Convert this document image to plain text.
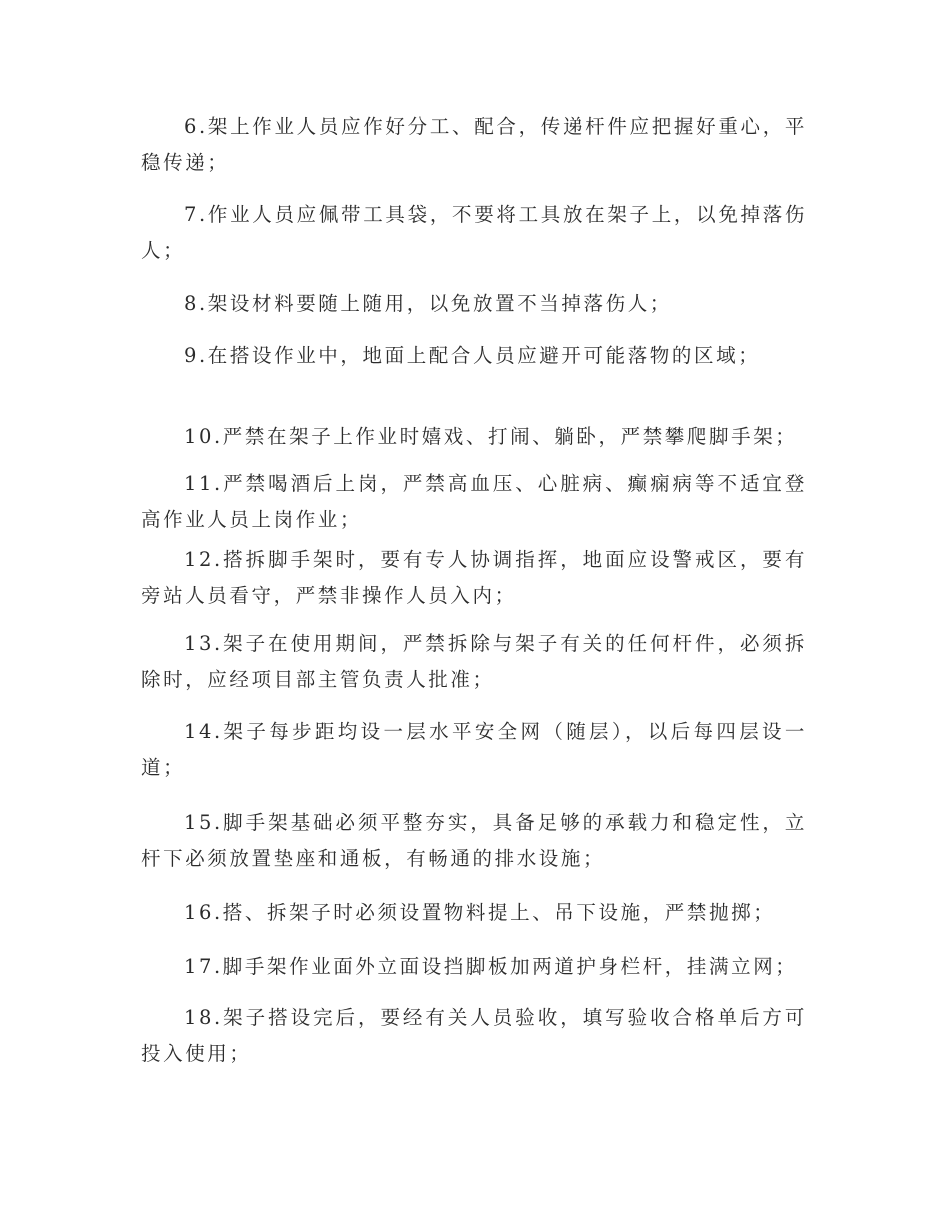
6.架上作业人员应作好分工、配合，传递杆件应把握好重心，平稳传递；

7.作业人员应佩带工具袋，不要将工具放在架子上，以免掉落伤人；

8.架设材料要随上随用，以免放置不当掉落伤人；

9.在搭设作业中，地面上配合人员应避开可能落物的区域；

10.严禁在架子上作业时嬉戏、打闹、躺卧，严禁攀爬脚手架；

11.严禁喝酒后上岗，严禁高血压、心脏病、癫痫病等不适宜登高作业人员上岗作业；

12.搭拆脚手架时，要有专人协调指挥，地面应设警戒区，要有旁站人员看守，严禁非操作人员入内；

13.架子在使用期间，严禁拆除与架子有关的任何杆件，必须拆除时，应经项目部主管负责人批准；

14.架子每步距均设一层水平安全网（随层），以后每四层设一道；

15.脚手架基础必须平整夯实，具备足够的承载力和稳定性，立杆下必须放置垫座和通板，有畅通的排水设施；

16.搭、拆架子时必须设置物料提上、吊下设施，严禁抛掷；

17.脚手架作业面外立面设挡脚板加两道护身栏杆，挂满立网；

18.架子搭设完后，要经有关人员验收，填写验收合格单后方可投入使用；
